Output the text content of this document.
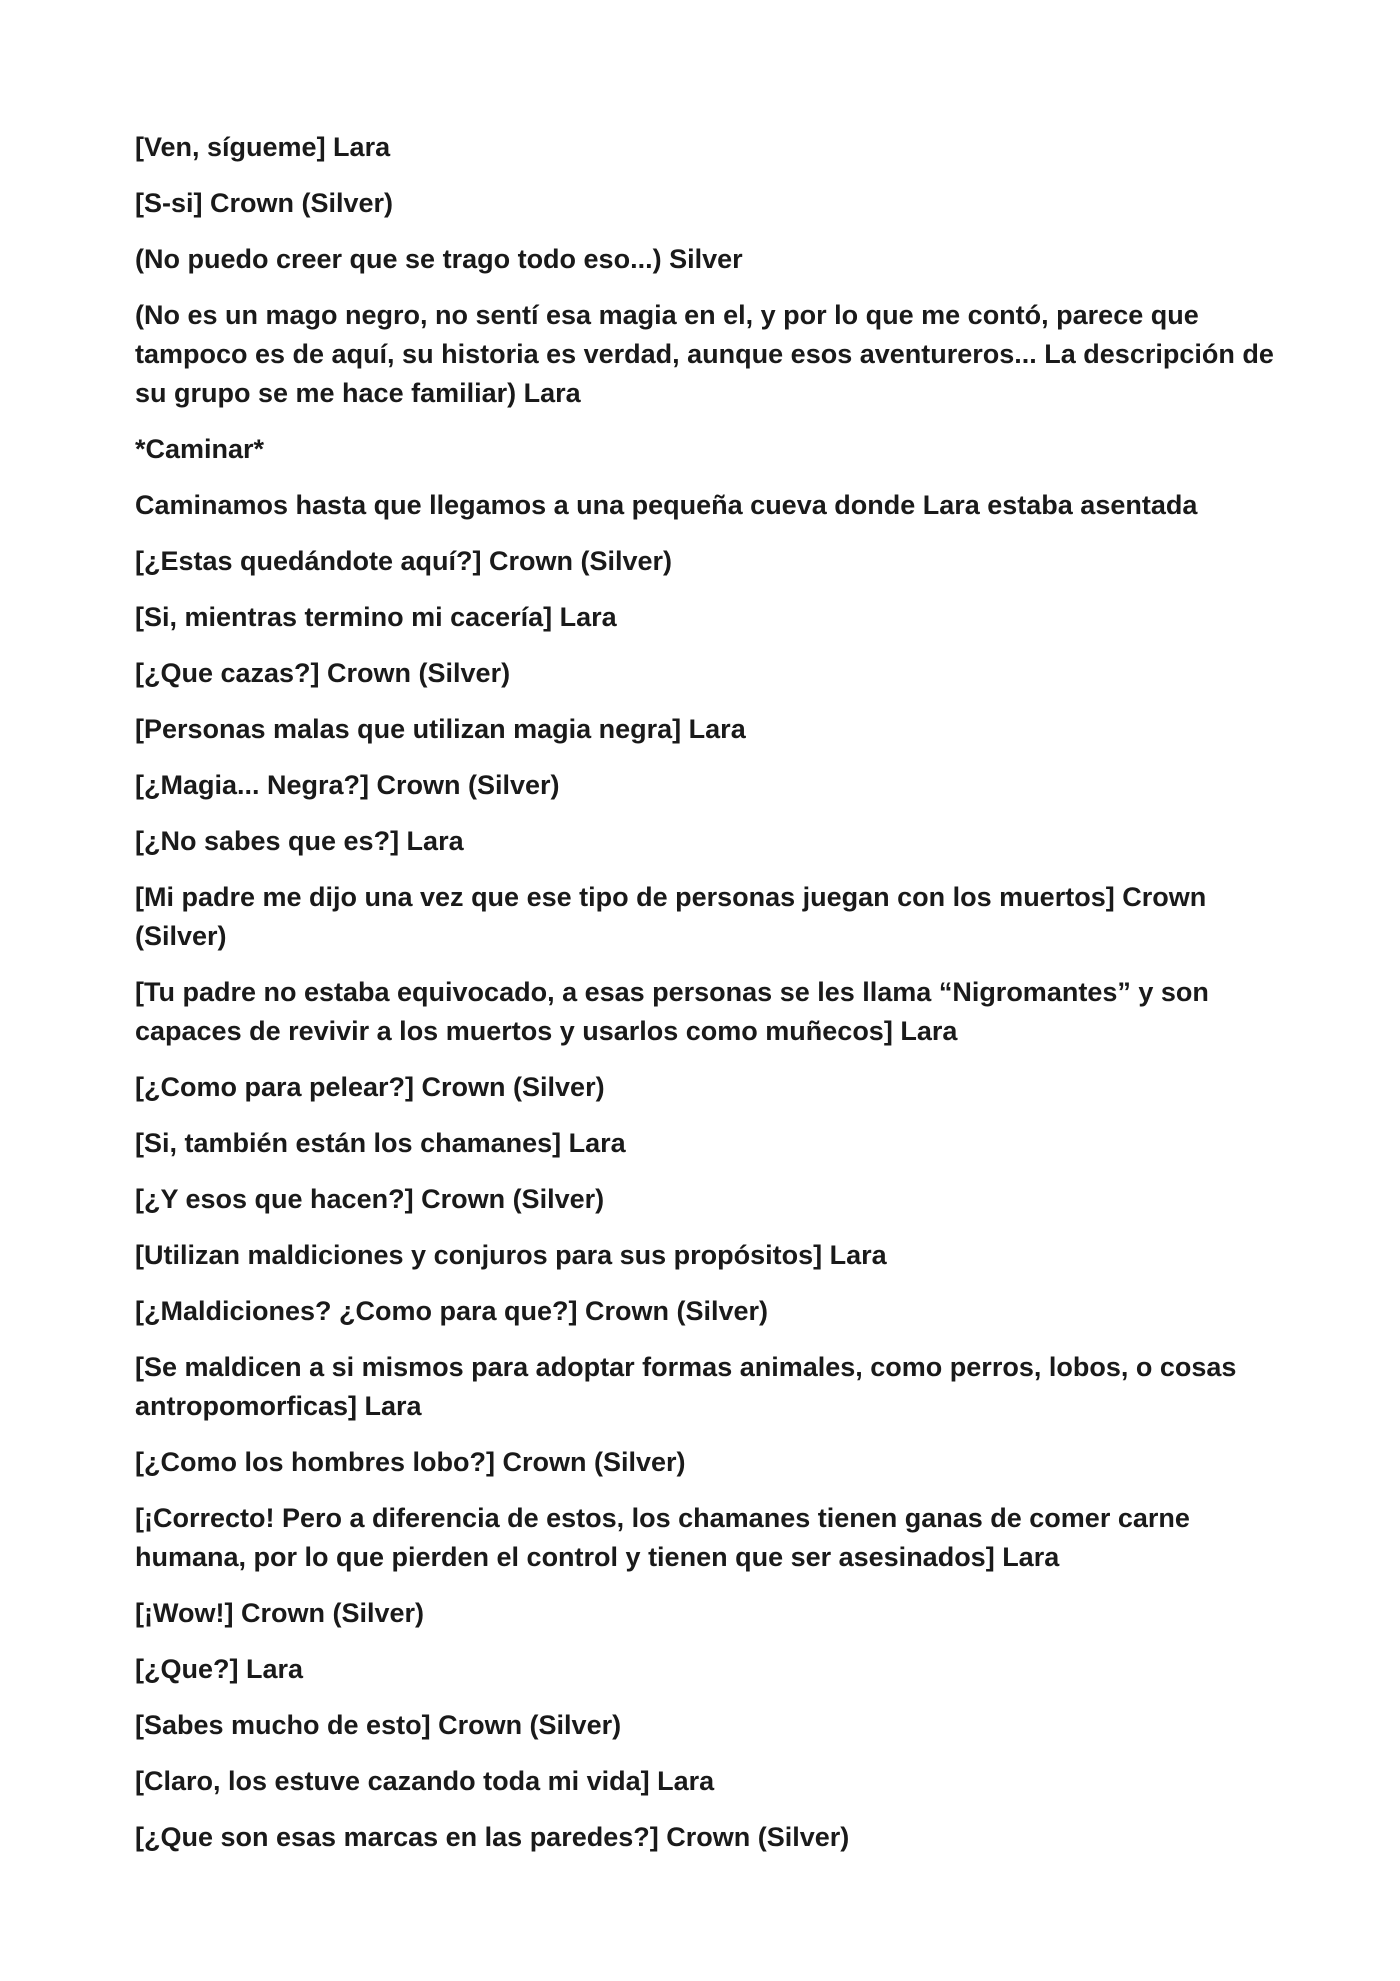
[Ven, sígueme] Lara

[S-si] Crown (Silver)

(No puedo creer que se trago todo eso...) Silver

(No es un mago negro, no sentí esa magia en el, y por lo que me contó, parece que tampoco es de aquí, su historia es verdad, aunque esos aventureros... La descripción de su grupo se me hace familiar) Lara

*Caminar*

Caminamos hasta que llegamos a una pequeña cueva donde Lara estaba asentada

[¿Estas quedándote aquí?] Crown (Silver)

[Si, mientras termino mi cacería] Lara

[¿Que cazas?] Crown (Silver)

[Personas malas que utilizan magia negra] Lara

[¿Magia... Negra?] Crown (Silver)

[¿No sabes que es?] Lara

[Mi padre me dijo una vez que ese tipo de personas juegan con los muertos] Crown (Silver)

[Tu padre no estaba equivocado, a esas personas se les llama “Nigromantes” y son capaces de revivir a los muertos y usarlos como muñecos] Lara

[¿Como para pelear?] Crown (Silver)

[Si, también están los chamanes] Lara

[¿Y esos que hacen?] Crown (Silver)

[Utilizan maldiciones y conjuros para sus propósitos] Lara

[¿Maldiciones? ¿Como para que?] Crown (Silver)

[Se maldicen a si mismos para adoptar formas animales, como perros, lobos, o cosas antropomorficas] Lara

[¿Como los hombres lobo?] Crown (Silver)

[¡Correcto! Pero a diferencia de estos, los chamanes tienen ganas de comer carne humana, por lo que pierden el control y tienen que ser asesinados] Lara

[¡Wow!] Crown (Silver)

[¿Que?] Lara

[Sabes mucho de esto] Crown (Silver)

[Claro, los estuve cazando toda mi vida] Lara

[¿Que son esas marcas en las paredes?] Crown (Silver)
